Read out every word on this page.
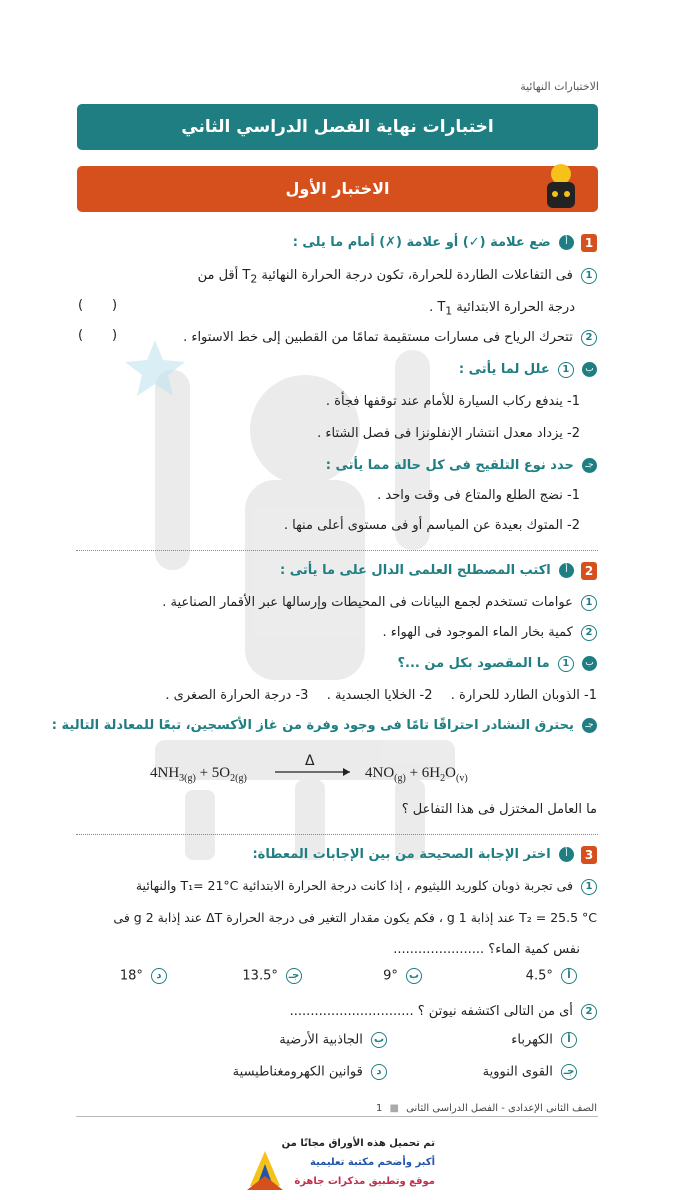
الاختبارات النهائية
اختبارات نهاية الفصل الدراسي الثاني
الاختبار الأول
1 أ ضع علامة (✓) أو علامة (✗) أمام ما يلى :
1 فى التفاعلات الطاردة للحرارة، تكون درجة الحرارة النهائية $T_2$ أقل من
درجة الحرارة الابتدائية $T_1$ .
(       )
2 تتحرك الرياح فى مسارات مستقيمة تمامًا من القطبين إلى خط الاستواء .
(       )
ب 1 علل لما يأتى :
1- يندفع ركاب السيارة للأمام عند توقفها فجأة .
2- يزداد معدل انتشار الإنفلونزا فى فصل الشتاء .
جـ حدد نوع التلقيح فى كل حالة مما يأتى :
1- نضج الطلع والمتاع فى وقت واحد .
2- المتوك بعيدة عن المياسم أو فى مستوى أعلى منها .
2 أ اكتب المصطلح العلمى الدال على ما يأتى :
1 عوامات تستخدم لجمع البيانات فى المحيطات وإرسالها عبر الأقمار الصناعية .
2 كمية بخار الماء الموجود فى الهواء .
ب 1 ما المقصود بكل من ...؟
1- الذوبان الطارد للحرارة .  2- الخلايا الجسدية .  3- درجة الحرارة الصغرى .
جـ يحترق النشادر احتراقًا تامًا فى وجود وفرة من غاز الأكسجين، تبعًا للمعادلة التالية :
$4NH_{3(g)} + 5O_{2(g)}$
Δ
$4NO_{(g)} + 6H_2O_{(v)}$
ما العامل المختزل فى هذا التفاعل ؟
3 أ اختر الإجابة الصحيحة من بين الإجابات المعطاة:
1 فى تجربة ذوبان كلوريد الليثيوم ، إذا كانت درجة الحرارة الابتدائية T₁= 21°C والنهائية
T₂ = 25.5 °C عند إذابة g 1 ، فكم يكون مقدار التغير فى درجة الحرارة ΔT عند إذابة g 2 فى
نفس كمية الماء؟ ......................
أ 4.5°
ب 9°
جـ 13.5°
د 18°
2 أى من التالى اكتشفه نيوتن ؟ ..............................
أ الكهرباء
ب الجاذبية الأرضية
جـ القوى النووية
د قوانين الكهرومغناطيسية
الصف الثانى الإعدادى - الفصل الدراسى الثانى ■ 1
تم تحميل هذه الأوراق مجانًا من
أكبر وأضخم مكتبة تعليمية
موقع وتطبيق مذكرات جاهزة
